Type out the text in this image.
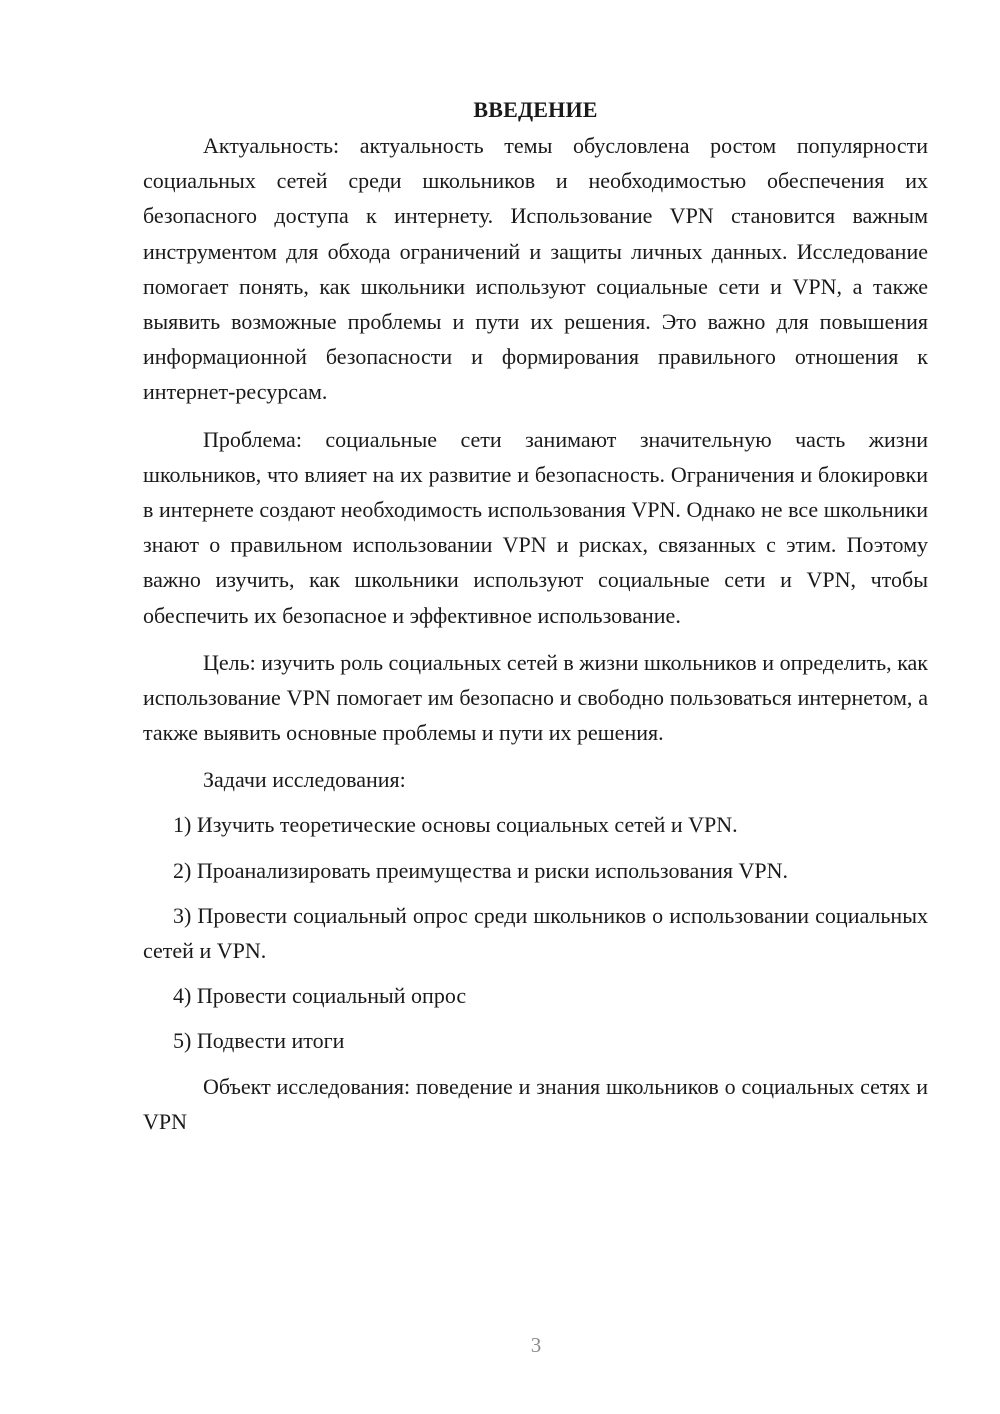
ВВЕДЕНИЕ

Актуальность: актуальность темы обусловлена ростом популярности социальных сетей среди школьников и необходимостью обеспечения их безопасного доступа к интернету. Использование VPN становится важным инструментом для обхода ограничений и защиты личных данных. Исследование помогает понять, как школьники используют социальные сети и VPN, а также выявить возможные проблемы и пути их решения. Это важно для повышения информационной безопасности и формирования правильного отношения к интернет-ресурсам.

Проблема: социальные сети занимают значительную часть жизни школьников, что влияет на их развитие и безопасность. Ограничения и блокировки в интернете создают необходимость использования VPN. Однако не все школьники знают о правильном использовании VPN и рисках, связанных с этим. Поэтому важно изучить, как школьники используют социальные сети и VPN, чтобы обеспечить их безопасное и эффективное использование.

Цель: изучить роль социальных сетей в жизни школьников и определить, как использование VPN помогает им безопасно и свободно пользоваться интернетом, а также выявить основные проблемы и пути их решения.

Задачи исследования:

1) Изучить теоретические основы социальных сетей и VPN.

2) Проанализировать преимущества и риски использования VPN.

3) Провести социальный опрос среди школьников о использовании социальных сетей и VPN.

4) Провести социальный опрос

5) Подвести итоги

Объект исследования: поведение и знания школьников о социальных сетях и VPN

3
